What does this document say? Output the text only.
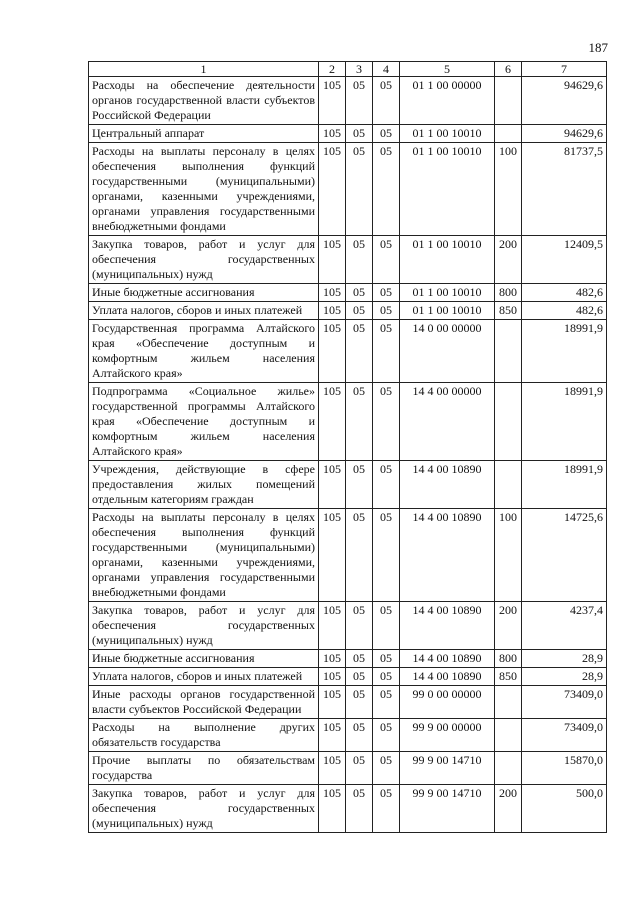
187
1	2	3	4	5	6	7
Расходы на обеспечение деятельности органов государственной власти субъектов Российской Федерации	105	05	05	01 1 00 00000		94629,6
Центральный аппарат	105	05	05	01 1 00 10010		94629,6
Расходы на выплаты персоналу в целях обеспечения выполнения функций государственными (муниципальными) органами, казенными учреждениями, органами управления государственными внебюджетными фондами	105	05	05	01 1 00 10010	100	81737,5
Закупка товаров, работ и услуг для обеспечения государственных (муниципальных) нужд	105	05	05	01 1 00 10010	200	12409,5
Иные бюджетные ассигнования	105	05	05	01 1 00 10010	800	482,6
Уплата налогов, сборов и иных платежей	105	05	05	01 1 00 10010	850	482,6
Государственная программа Алтайского края «Обеспечение доступным и комфортным жильем населения Алтайского края»	105	05	05	14 0 00 00000		18991,9
Подпрограмма «Социальное жилье» государственной программы Алтайского края «Обеспечение доступным и комфортным жильем населения Алтайского края»	105	05	05	14 4 00 00000		18991,9
Учреждения, действующие в сфере предоставления жилых помещений отдельным категориям граждан	105	05	05	14 4 00 10890		18991,9
Расходы на выплаты персоналу в целях обеспечения выполнения функций государственными (муниципальными) органами, казенными учреждениями, органами управления государственными внебюджетными фондами	105	05	05	14 4 00 10890	100	14725,6
Закупка товаров, работ и услуг для обеспечения государственных (муниципальных) нужд	105	05	05	14 4 00 10890	200	4237,4
Иные бюджетные ассигнования	105	05	05	14 4 00 10890	800	28,9
Уплата налогов, сборов и иных платежей	105	05	05	14 4 00 10890	850	28,9
Иные расходы органов государственной власти субъектов Российской Федерации	105	05	05	99 0 00 00000		73409,0
Расходы на выполнение других обязательств государства	105	05	05	99 9 00 00000		73409,0
Прочие выплаты по обязательствам государства	105	05	05	99 9 00 14710		15870,0
Закупка товаров, работ и услуг для обеспечения государственных (муниципальных) нужд	105	05	05	99 9 00 14710	200	500,0
